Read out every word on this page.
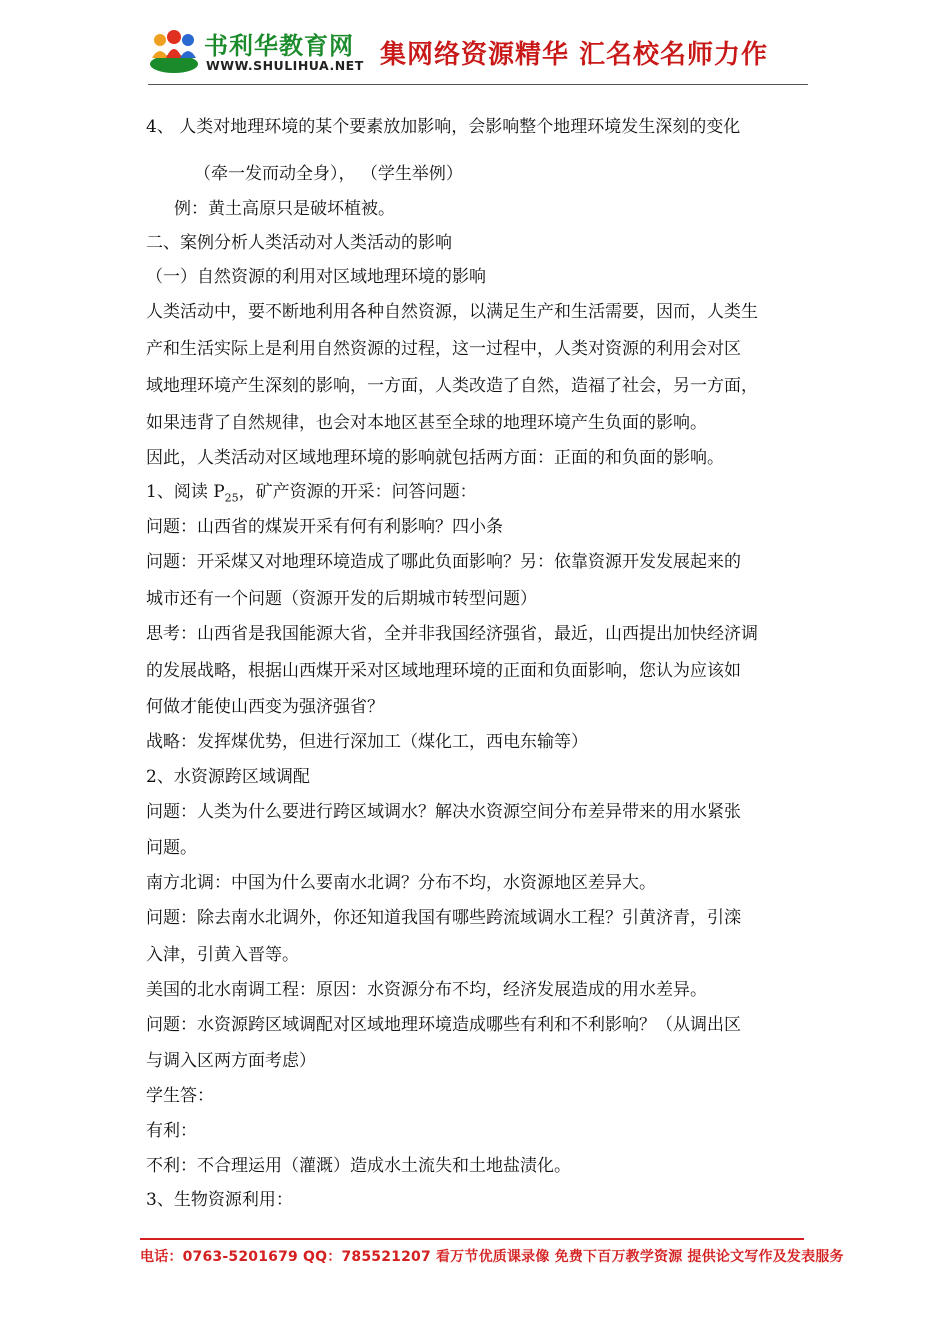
书利华教育网
WWW.SHULIHUA.NET 集网络资源精华 汇名校名师力作
4、 人类对地理环境的某个要素放加影响，会影响整个地理环境发生深刻的变化
（牵一发而动全身）， （学生举例）
例：黄土高原只是破坏植被。
二、案例分析人类活动对人类活动的影响
（一）自然资源的利用对区域地理环境的影响
人类活动中，要不断地利用各种自然资源，以满足生产和生活需要，因而，人类生
产和生活实际上是利用自然资源的过程，这一过程中，人类对资源的利用会对区
域地理环境产生深刻的影响，一方面，人类改造了自然，造福了社会，另一方面，
如果违背了自然规律，也会对本地区甚至全球的地理环境产生负面的影响。
因此，人类活动对区域地理环境的影响就包括两方面：正面的和负面的影响。
1、阅读 $P_{25}$，矿产资源的开采：问答问题：
问题：山西省的煤炭开采有何有利影响？四小条
问题：开采煤又对地理环境造成了哪此负面影响？另：依靠资源开发发展起来的
城市还有一个问题（资源开发的后期城市转型问题）
思考：山西省是我国能源大省，全并非我国经济强省，最近，山西提出加快经济调
的发展战略，根据山西煤开采对区域地理环境的正面和负面影响，您认为应该如
何做才能使山西变为强济强省？
战略：发挥煤优势，但进行深加工（煤化工，西电东输等）
2、水资源跨区域调配
问题：人类为什么要进行跨区域调水？解决水资源空间分布差异带来的用水紧张
问题。
南方北调：中国为什么要南水北调？分布不均，水资源地区差异大。
问题：除去南水北调外，你还知道我国有哪些跨流域调水工程？引黄济青，引滦
入津，引黄入晋等。
美国的北水南调工程：原因：水资源分布不均，经济发展造成的用水差异。
问题：水资源跨区域调配对区域地理环境造成哪些有利和不利影响？（从调出区
与调入区两方面考虑）
学生答：
有利：
不利：不合理运用（灌溉）造成水土流失和土地盐渍化。
3、生物资源利用：
电话：0763-5201679 QQ：785521207 看万节优质课录像 免费下百万教学资源 提供论文写作及发表服务
